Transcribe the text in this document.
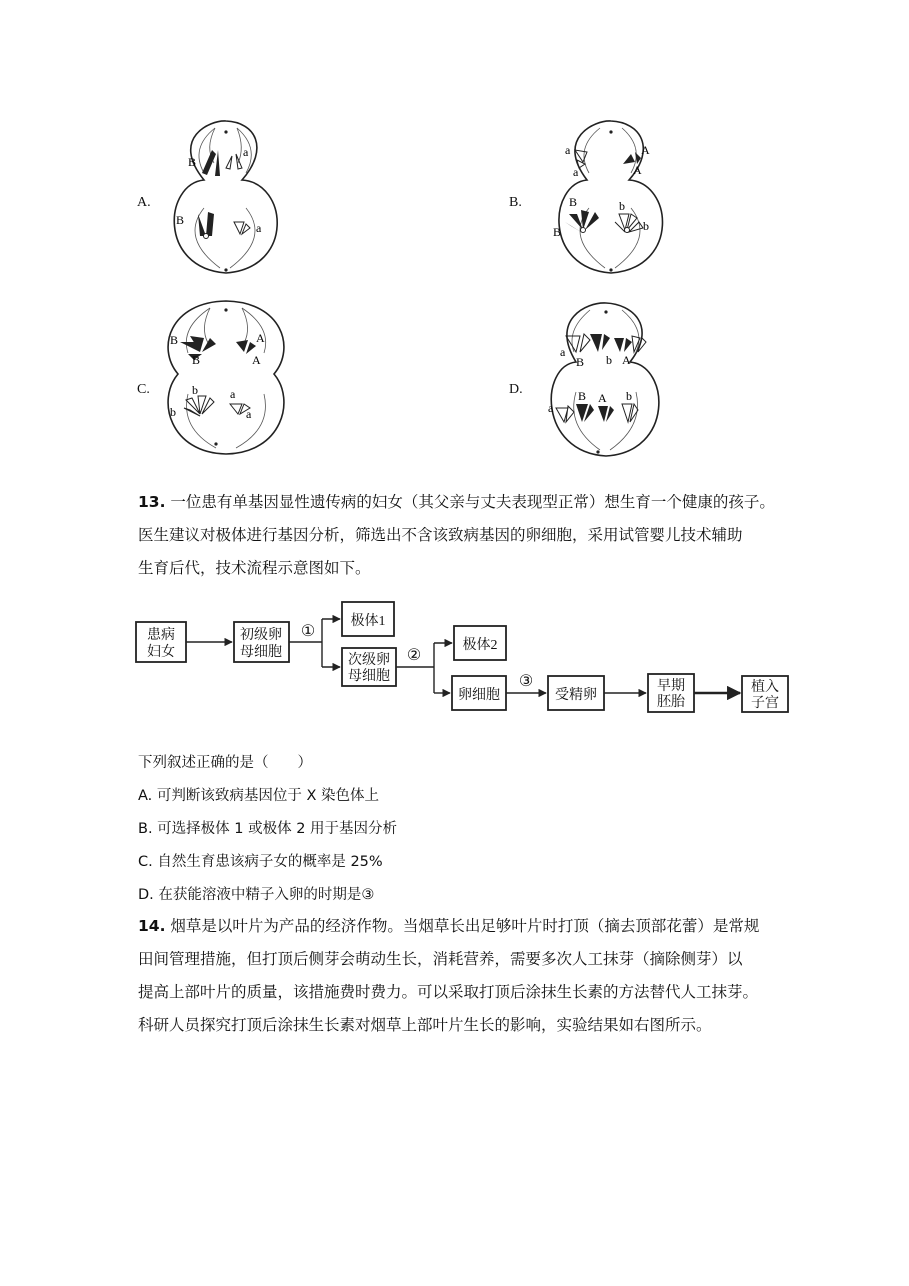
A.	B.
C.	D.
B
a
B
a
a
a
A
A
B
B
b
b
B
B
A
A
b
b
a
a
a
B	A
b
a
B A b

13. 一位患有单基因显性遗传病的妇女（其父亲与丈夫表现型正常）想生育一个健康的孩子。

医生建议对极体进行基因分析，筛选出不含该致病基因的卵细胞，采用试管婴儿技术辅助

生育后代，技术流程示意图如下。

患病
妇女
初级卵
母细胞
①
极体1
次级卵
母细胞
②
极体2
卵细胞
③
受精卵
早期
胚胎
植入
子宫
下列叙述正确的是（　　）
A. 可判断该致病基因位于 X 染色体上
B. 可选择极体 1 或极体 2 用于基因分析
C. 自然生育患该病子女的概率是 25%
D. 在获能溶液中精子入卵的时期是③

14. 烟草是以叶片为产品的经济作物。当烟草长出足够叶片时打顶（摘去顶部花蕾）是常规

田间管理措施，但打顶后侧芽会萌动生长，消耗营养，需要多次人工抹芽（摘除侧芽）以

提高上部叶片的质量，该措施费时费力。可以采取打顶后涂抹生长素的方法替代人工抹芽。

科研人员探究打顶后涂抹生长素对烟草上部叶片生长的影响，实验结果如右图所示。
